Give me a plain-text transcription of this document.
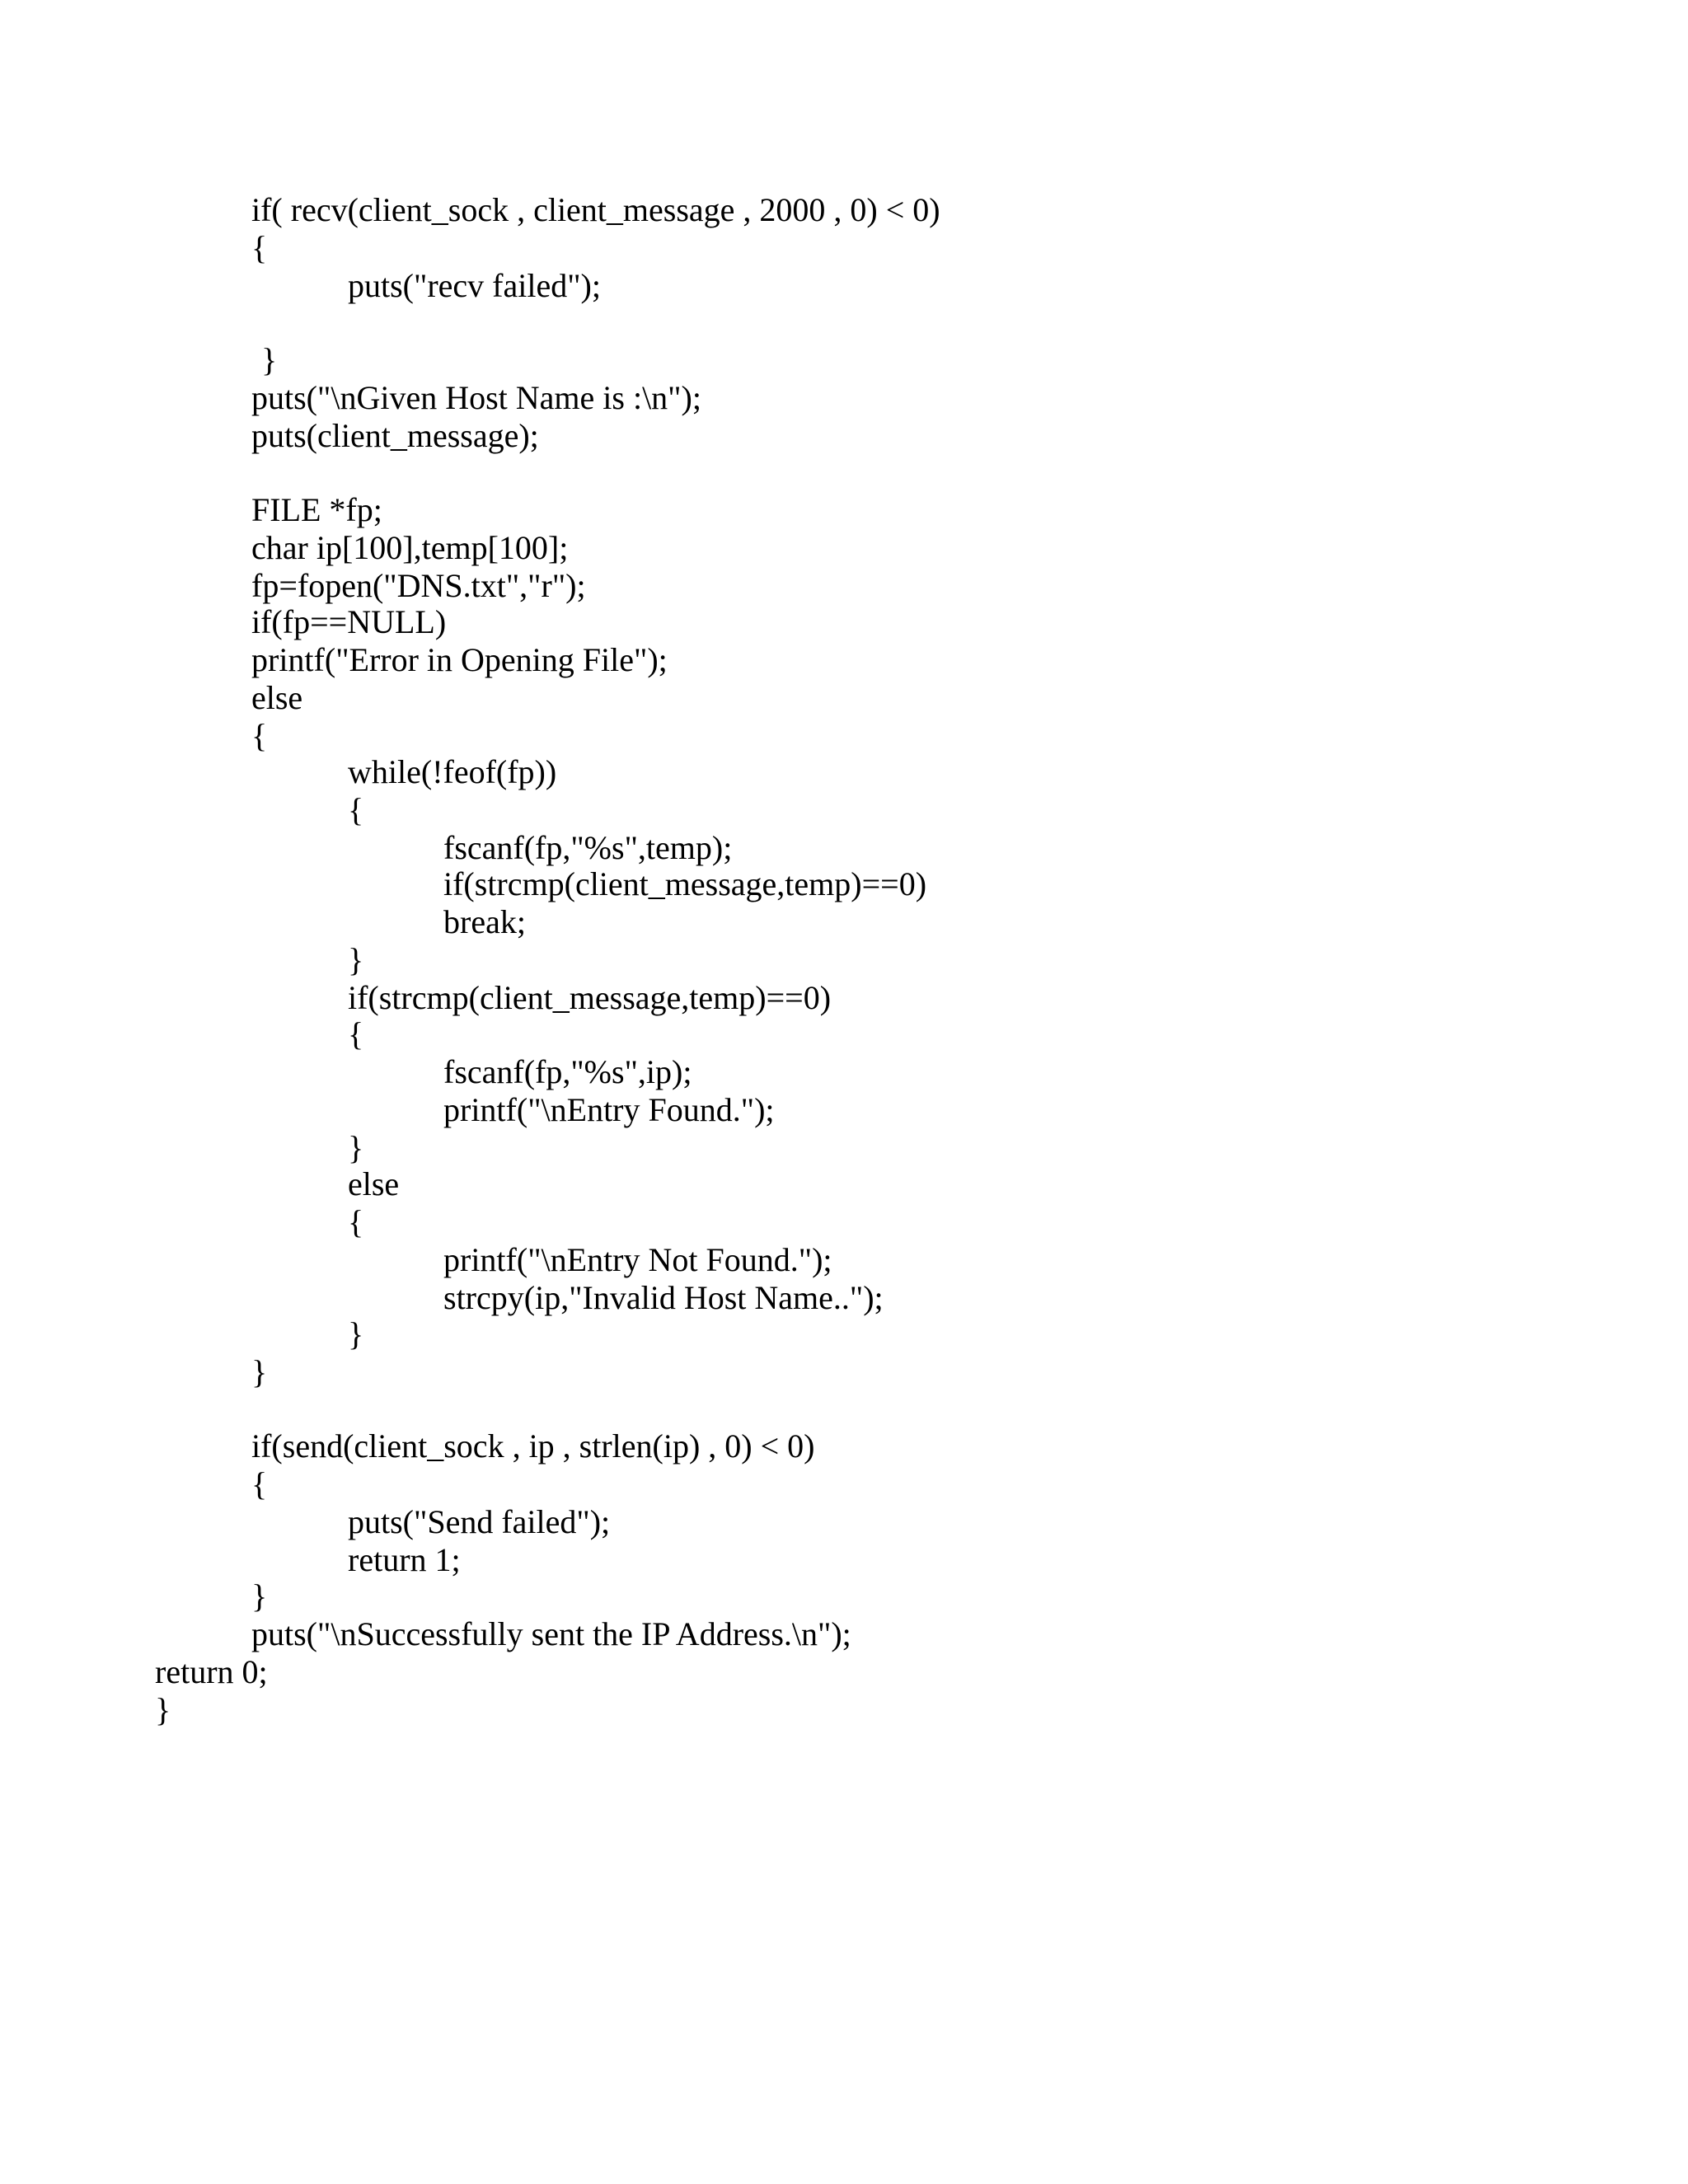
if( recv(client_sock , client_message , 2000 , 0) < 0)
{
puts("recv failed");
}
puts("\nGiven Host Name is :\n");
puts(client_message);
FILE *fp;
char ip[100],temp[100];
fp=fopen("DNS.txt","r");
if(fp==NULL)
printf("Error in Opening File");
else
{
while(!feof(fp))
{
fscanf(fp,"%s",temp);
if(strcmp(client_message,temp)==0)
break;
}
if(strcmp(client_message,temp)==0)
{
fscanf(fp,"%s",ip);
printf("\nEntry Found.");
}
else
{
printf("\nEntry Not Found.");
strcpy(ip,"Invalid Host Name..");
}
}
if(send(client_sock , ip , strlen(ip) , 0) < 0)
{
puts("Send failed");
return 1;
}
puts("\nSuccessfully sent the IP Address.\n");
return 0;
}
